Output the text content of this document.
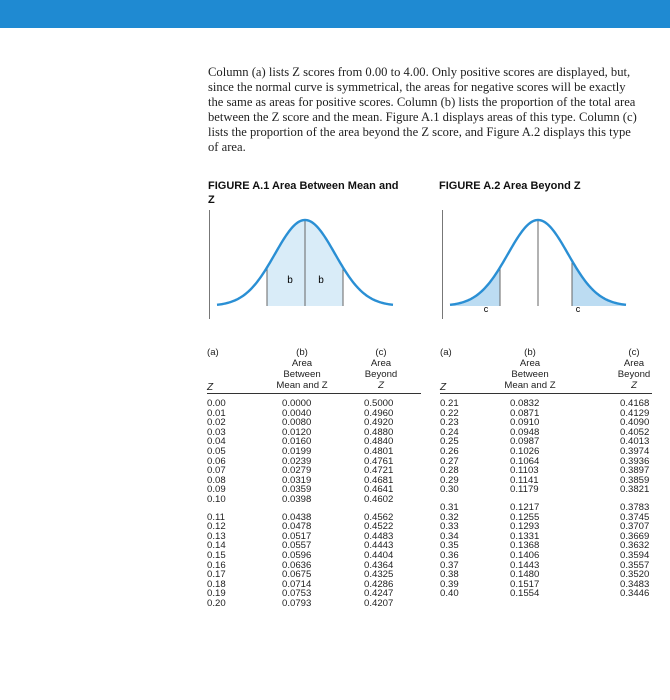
Column (a) lists Z scores from 0.00 to 4.00. Only positive scores are displayed, but, since the normal curve is symmetrical, the areas for negative scores will be exactly the same as areas for positive scores. Column (b) lists the proportion of the total area between the Z score and the mean. Figure A.1 displays areas of this type. Column (c) lists the proportion of the area beyond the Z score, and Figure A.2 displays this type of area.

FIGURE A.1 Area Between Mean and Z
FIGURE A.2 Area Beyond Z
b	b
c	c
(a)
Z
(b)
Area
Between
Mean and Z
(c)
Area
Beyond
Z
0.00
0.01
0.02
0.03
0.04
0.05
0.06
0.07
0.08
0.09
0.10
0.11
0.12
0.13
0.14
0.15
0.16
0.17
0.18
0.19
0.20
0.0000
0.0040
0.0080
0.0120
0.0160
0.0199
0.0239
0.0279
0.0319
0.0359
0.0398
0.0438
0.0478
0.0517
0.0557
0.0596
0.0636
0.0675
0.0714
0.0753
0.0793
0.5000
0.4960
0.4920
0.4880
0.4840
0.4801
0.4761
0.4721
0.4681
0.4641
0.4602
0.4562
0.4522
0.4483
0.4443
0.4404
0.4364
0.4325
0.4286
0.4247
0.4207
(a)
Z
(b)
Area
Between
Mean and Z
(c)
Area
Beyond
Z
0.21
0.22
0.23
0.24
0.25
0.26
0.27
0.28
0.29
0.30
0.31
0.32
0.33
0.34
0.35
0.36
0.37
0.38
0.39
0.40
0.0832
0.0871
0.0910
0.0948
0.0987
0.1026
0.1064
0.1103
0.1141
0.1179
0.1217
0.1255
0.1293
0.1331
0.1368
0.1406
0.1443
0.1480
0.1517
0.1554
0.4168
0.4129
0.4090
0.4052
0.4013
0.3974
0.3936
0.3897
0.3859
0.3821
0.3783
0.3745
0.3707
0.3669
0.3632
0.3594
0.3557
0.3520
0.3483
0.3446
